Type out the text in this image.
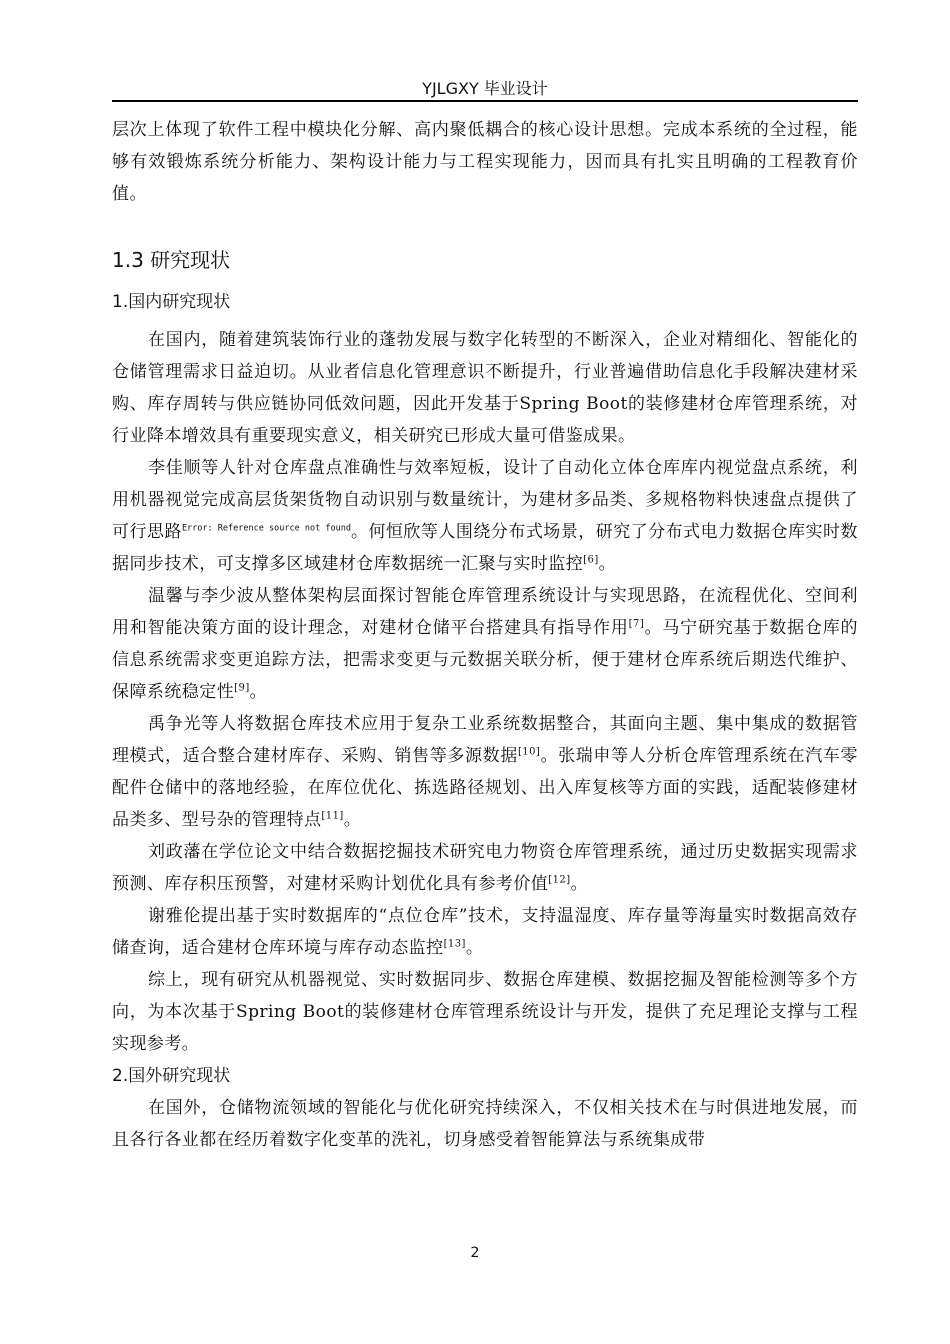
YJLGXY 毕业设计

层次上体现了软件工程中模块化分解、高内聚低耦合的核心设计思想。完成本系统的全过程，能够有效锻炼系统分析能力、架构设计能力与工程实现能力，因而具有扎实且明确的工程教育价值。

1.3 研究现状
1.国内研究现状

在国内，随着建筑装饰行业的蓬勃发展与数字化转型的不断深入，企业对精细化、智能化的仓储管理需求日益迫切。从业者信息化管理意识不断提升，行业普遍借助信息化手段解决建材采购、库存周转与供应链协同低效问题，因此开发基于Spring Boot的装修建材仓库管理系统，对行业降本增效具有重要现实意义，相关研究已形成大量可借鉴成果。

李佳顺等人针对仓库盘点准确性与效率短板，设计了自动化立体仓库库内视觉盘点系统，利用机器视觉完成高层货架货物自动识别与数量统计，为建材多品类、多规格物料快速盘点提供了可行思路$^{Error: Reference source not found}$。何恒欣等人围绕分布式场景，研究了分布式电力数据仓库实时数据同步技术，可支撑多区域建材仓库数据统一汇聚与实时监控[6]。

温馨与李少波从整体架构层面探讨智能仓库管理系统设计与实现思路，在流程优化、空间利用和智能决策方面的设计理念，对建材仓储平台搭建具有指导作用[7]。马宁研究基于数据仓库的信息系统需求变更追踪方法，把需求变更与元数据关联分析，便于建材仓库系统后期迭代维护、保障系统稳定性[9]。

禹争光等人将数据仓库技术应用于复杂工业系统数据整合，其面向主题、集中集成的数据管理模式，适合整合建材库存、采购、销售等多源数据[10]。张瑞申等人分析仓库管理系统在汽车零配件仓储中的落地经验，在库位优化、拣选路径规划、出入库复核等方面的实践，适配装修建材品类多、型号杂的管理特点[11]。

刘政藩在学位论文中结合数据挖掘技术研究电力物资仓库管理系统，通过历史数据实现需求预测、库存积压预警，对建材采购计划优化具有参考价值[12]。

谢雅伦提出基于实时数据库的“点位仓库”技术，支持温湿度、库存量等海量实时数据高效存储查询，适合建材仓库环境与库存动态监控[13]。

综上，现有研究从机器视觉、实时数据同步、数据仓库建模、数据挖掘及智能检测等多个方向，为本次基于Spring Boot的装修建材仓库管理系统设计与开发，提供了充足理论支撑与工程实现参考。

2.国外研究现状

在国外，仓储物流领域的智能化与优化研究持续深入，不仅相关技术在与时俱进地发展，而且各行各业都在经历着数字化变革的洗礼，切身感受着智能算法与系统集成带

2
